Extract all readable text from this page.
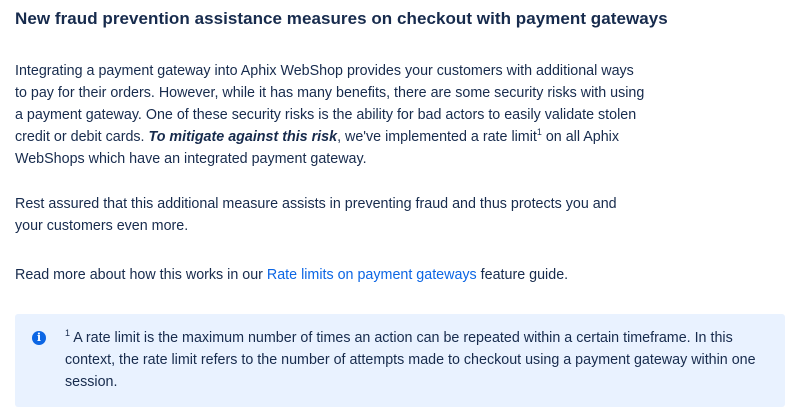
New fraud prevention assistance measures on checkout with payment gateways

Integrating a payment gateway into Aphix WebShop provides your customers with additional ways to pay for their orders. However, while it has many benefits, there are some security risks with using a payment gateway. One of these security risks is the ability for bad actors to easily validate stolen credit or debit cards. To mitigate against this risk, we've implemented a rate limit$^1$ on all Aphix WebShops which have an integrated payment gateway.

Rest assured that this additional measure assists in preventing fraud and thus protects you and your customers even more.

Read more about how this works in our Rate limits on payment gateways feature guide.

i	$^1$ A rate limit is the maximum number of times an action can be repeated within a certain timeframe. In this context, the rate limit refers to the number of attempts made to checkout using a payment gateway within one session.
